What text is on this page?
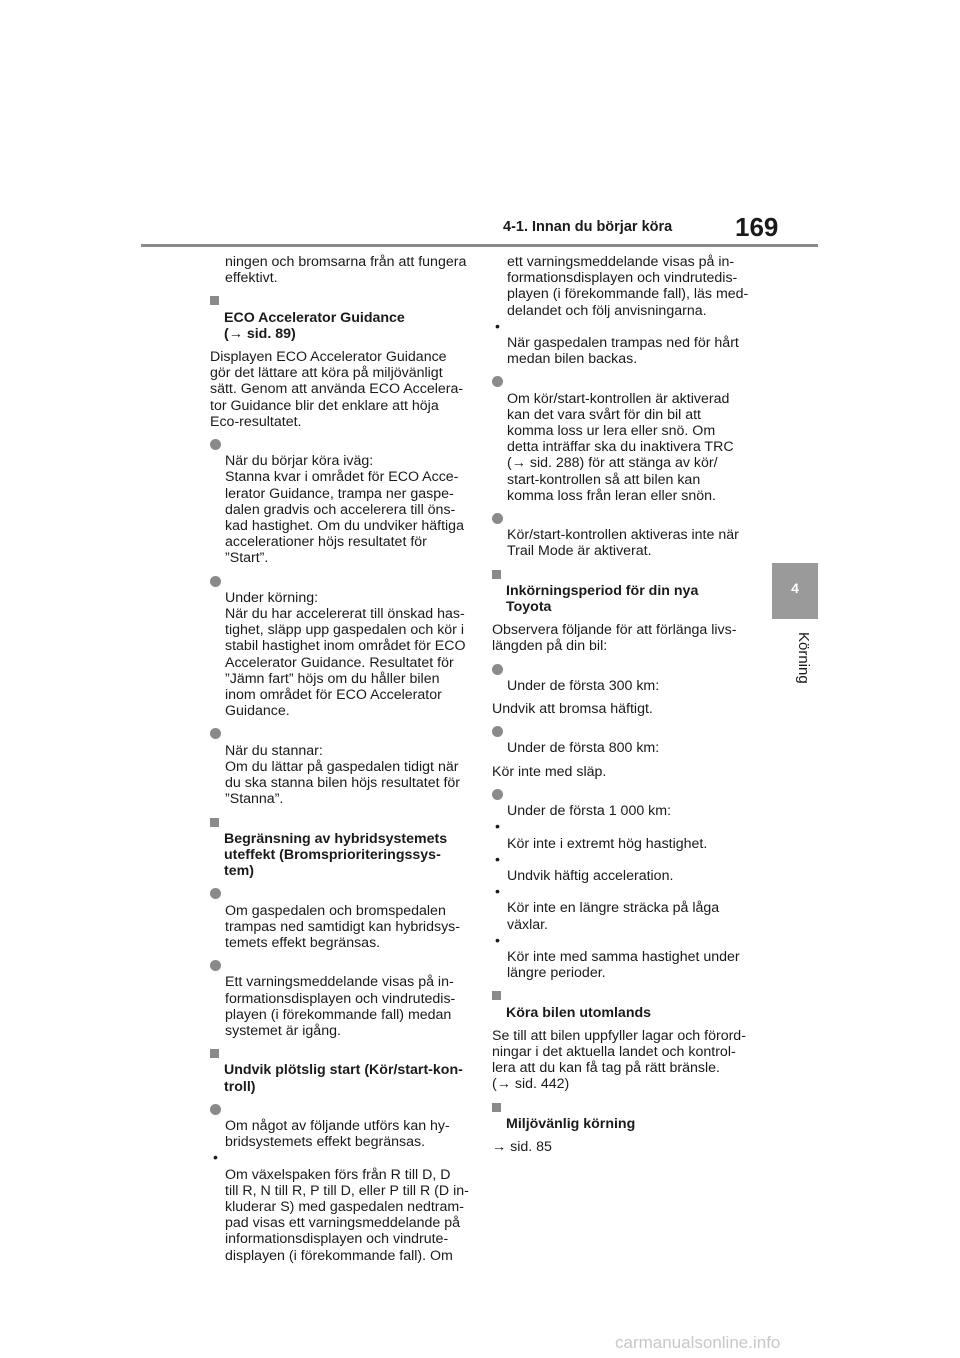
4-1. Innan du börjar köra 169
4
Körning
ningen och bromsarna från att fungera
effektivt.

ECO Accelerator Guidance
(→ sid. 89)

Displayen ECO Accelerator Guidance
gör det lättare att köra på miljövänligt
sätt. Genom att använda ECO Accelera-
tor Guidance blir det enklare att höja
Eco-resultatet.

När du börjar köra iväg:
Stanna kvar i området för ECO Acce-
lerator Guidance, trampa ner gaspe-
dalen gradvis och accelerera till öns-
kad hastighet. Om du undviker häftiga
accelerationer höjs resultatet för
”Start”.

Under körning:
När du har accelererat till önskad has-
tighet, släpp upp gaspedalen och kör i
stabil hastighet inom området för ECO
Accelerator Guidance. Resultatet för
”Jämn fart” höjs om du håller bilen
inom området för ECO Accelerator
Guidance.

När du stannar:
Om du lättar på gaspedalen tidigt när
du ska stanna bilen höjs resultatet för
”Stanna”.

Begränsning av hybridsystemets
uteffekt (Bromsprioriteringssys-
tem)

Om gaspedalen och bromspedalen
trampas ned samtidigt kan hybridsys-
temets effekt begränsas.

Ett varningsmeddelande visas på in-
formationsdisplayen och vindrutedis-
playen (i förekommande fall) medan
systemet är igång.

Undvik plötslig start (Kör/start-kon-
troll)

Om något av följande utförs kan hy-
bridsystemets effekt begränsas.

•
Om växelspaken förs från R till D, D
till R, N till R, P till D, eller P till R (D in-
kluderar S) med gaspedalen nedtram-
pad visas ett varningsmeddelande på
informationsdisplayen och vindrute-
displayen (i förekommande fall). Om

ett varningsmeddelande visas på in-
formationsdisplayen och vindrutedis-
playen (i förekommande fall), läs med-
delandet och följ anvisningarna.

•
När gaspedalen trampas ned för hårt
medan bilen backas.

Om kör/start-kontrollen är aktiverad
kan det vara svårt för din bil att
komma loss ur lera eller snö. Om
detta inträffar ska du inaktivera TRC
(→ sid. 288) för att stänga av kör/
start-kontrollen så att bilen kan
komma loss från leran eller snön.

Kör/start-kontrollen aktiveras inte när
Trail Mode är aktiverat.

Inkörningsperiod för din nya
Toyota

Observera följande för att förlänga livs-
längden på din bil:

Under de första 300 km:

Undvik att bromsa häftigt.

Under de första 800 km:

Kör inte med släp.

Under de första 1 000 km:

•
Kör inte i extremt hög hastighet.

•
Undvik häftig acceleration.

•
Kör inte en längre sträcka på låga
växlar.

•
Kör inte med samma hastighet under
längre perioder.

Köra bilen utomlands

Se till att bilen uppfyller lagar och förord-
ningar i det aktuella landet och kontrol-
lera att du kan få tag på rätt bränsle.
(→ sid. 442)

Miljövänlig körning

→ sid. 85
carmanualsonline.info
